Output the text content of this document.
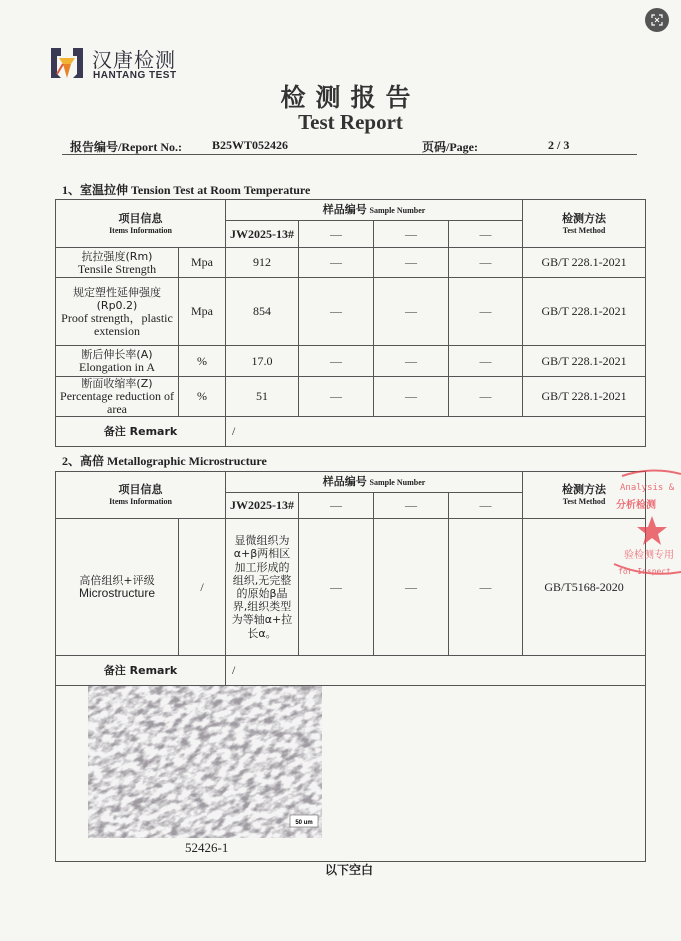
汉唐检测
HANTANG TEST
检测报告
Test Report
报告编号/Report No.:	B25WT052426	页码/Page:	2 / 3
1、室温拉伸 Tension Test at Room Temperature
项目信息
Items Information		样品编号 Sample Number				检测方法
Test Method

		JW2025-13#	—	—	—	

抗拉强度(Rm)
Tensile Strength	Mpa	912	—	—	—	GB/T 228.1-2021

规定塑性延伸强度(Rp0.2)
Proof strength，plastic extension	Mpa	854	—	—	—	GB/T 228.1-2021

断后伸长率(A)
Elongation in A	%	17.0	—	—	—	GB/T 228.1-2021

断面收缩率(Z)
Percentage reduction of area	%	51	—	—	—	GB/T 228.1-2021
备注 Remark		/				
2、高倍 Metallographic Microstructure
项目信息
Items Information		样品编号 Sample Number				检测方法
Test Method

		JW2025-13#	—	—	—	

高倍组织+评级
Microstructure	/	显微组织为α+β两相区加工形成的组织,无完整的原始β晶界,组织类型为等轴α+拉长α。	—	—	—	GB/T5168-2020
备注 Remark		/				

50 um
52426-1
以下空白
Analysis &
分析检测
验检测专用
for Inspect
